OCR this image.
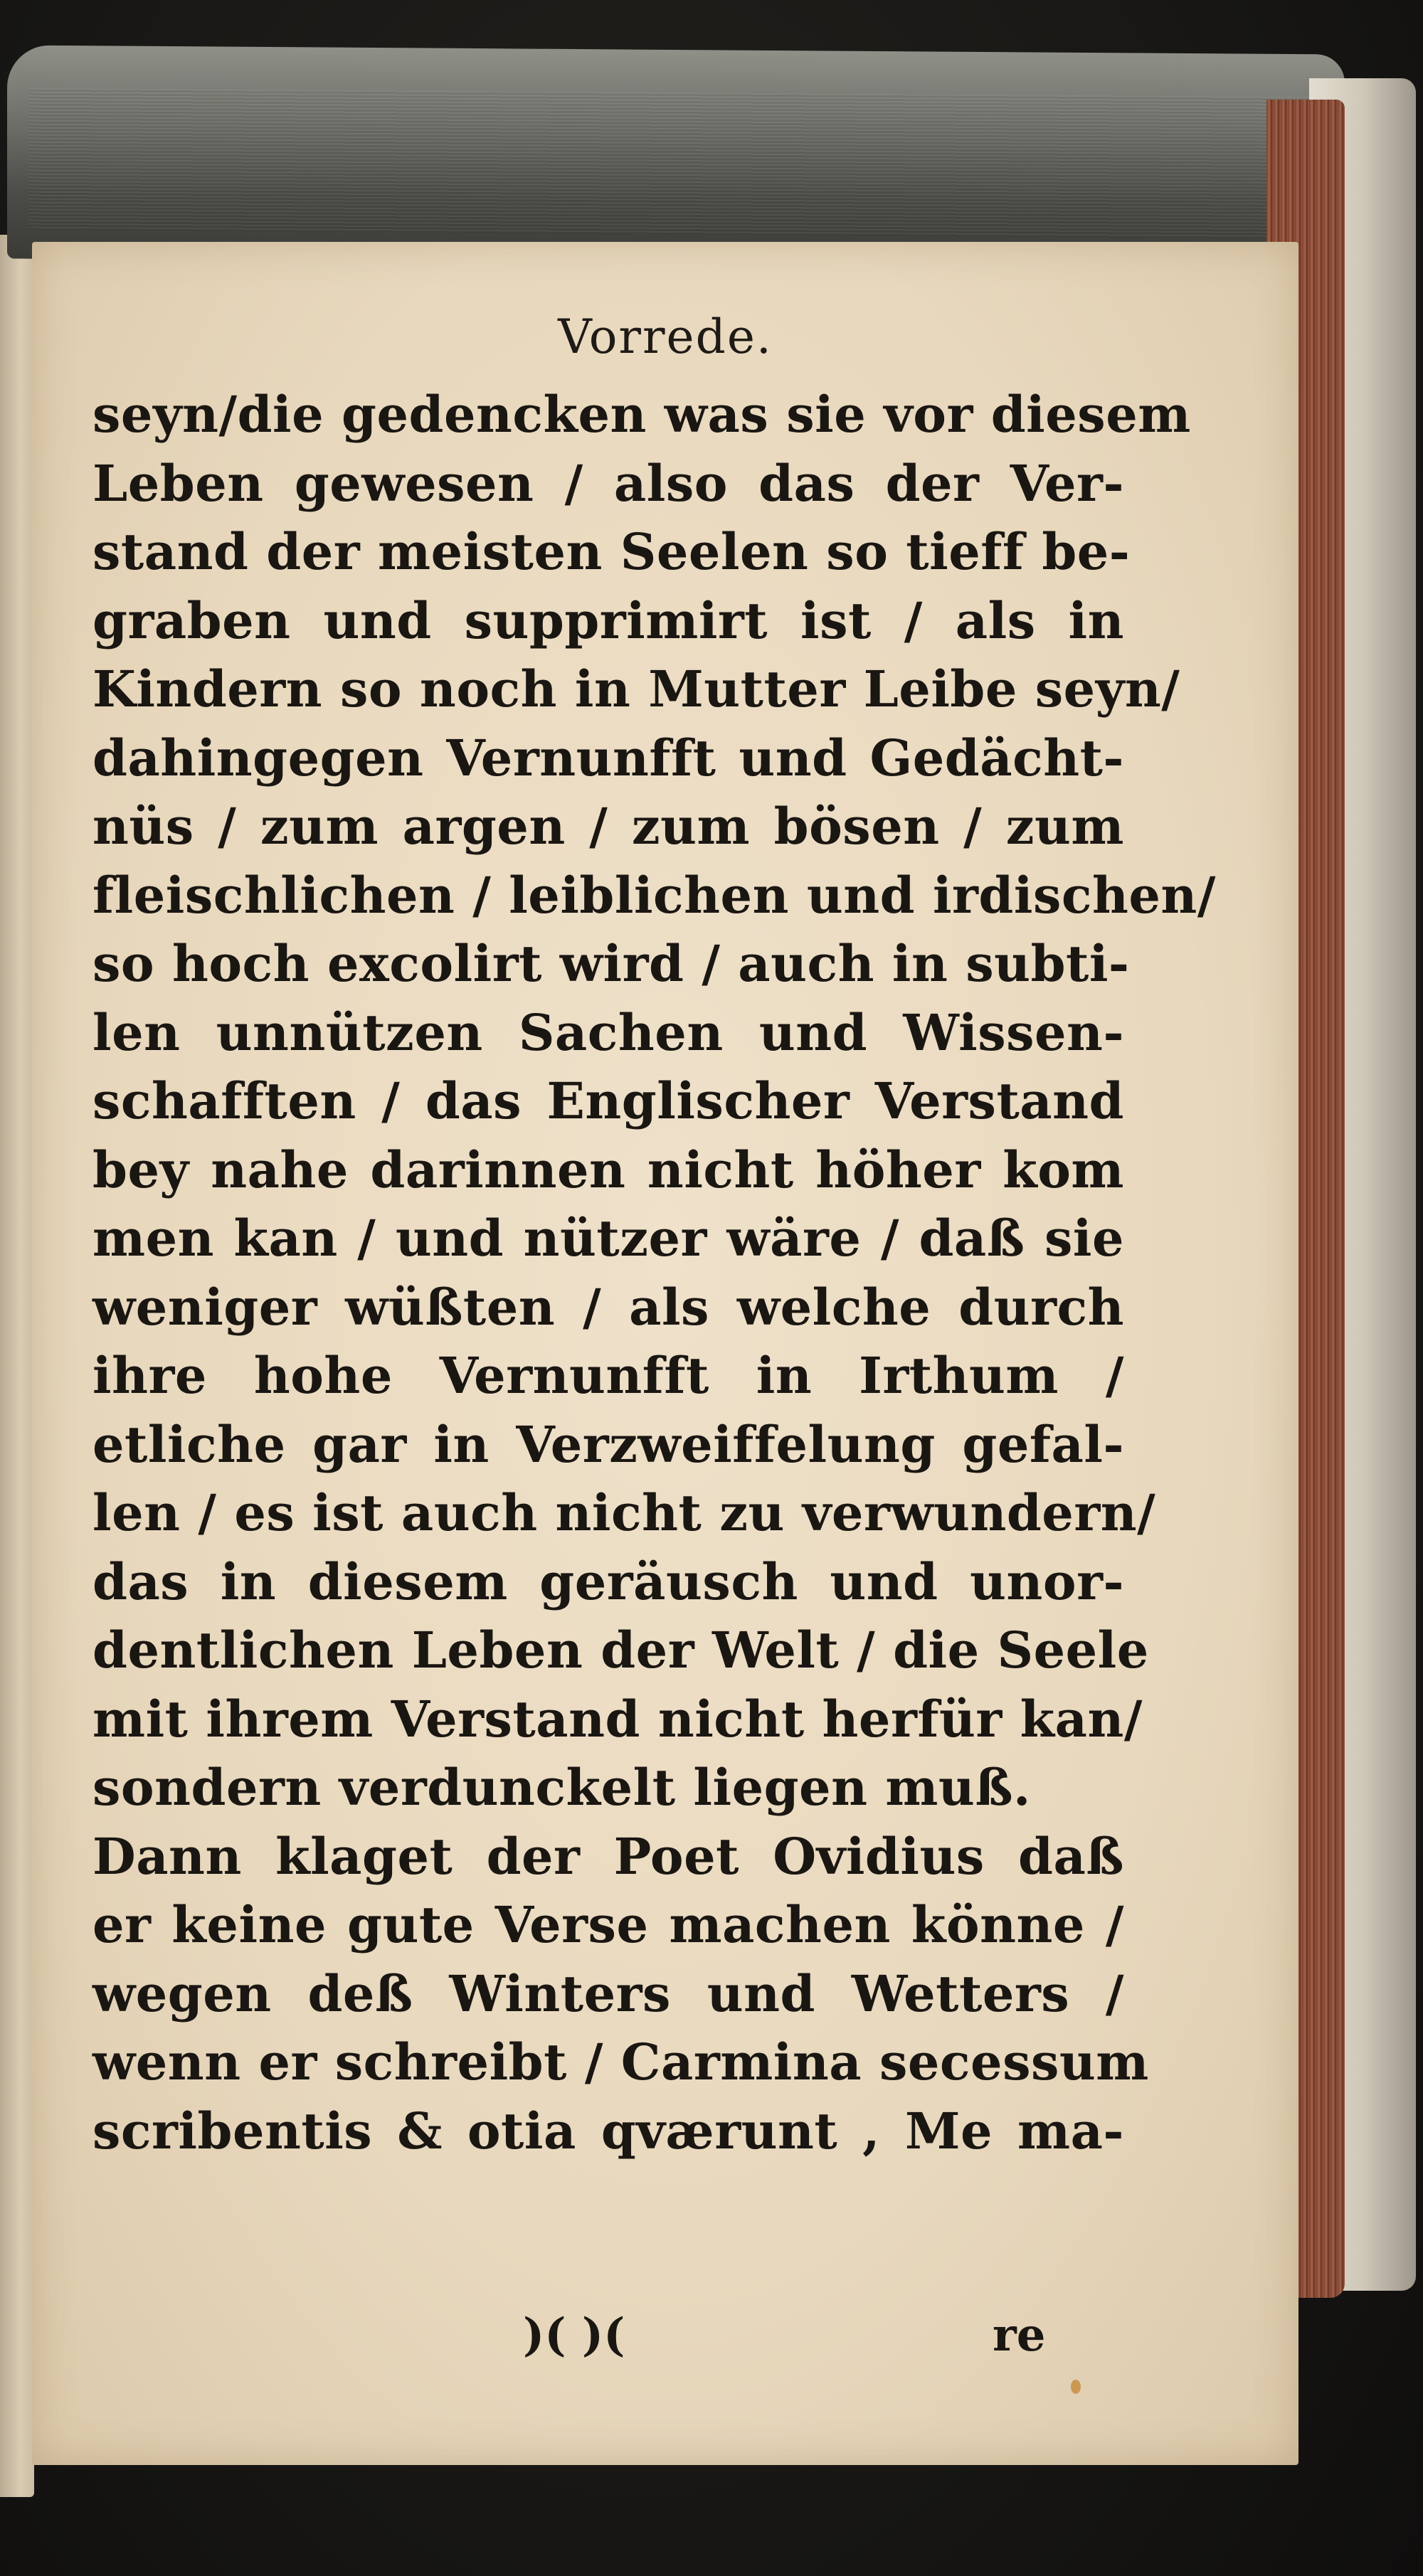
Vorrede.
seyn/die gedencken was sie vor diesem
Leben gewesen / also das der Ver-
stand der meisten Seelen so tieff be-
graben und supprimirt ist / als in
Kindern so noch in Mutter Leibe seyn/
dahingegen Vernunfft und Gedächt-
nüs / zum argen / zum bösen / zum
fleischlichen / leiblichen und irdischen/
so hoch excolirt wird / auch in subti-
len unnützen Sachen und Wissen-
schafften / das Englischer Verstand
bey nahe darinnen nicht höher kom
men kan / und nützer wäre / daß sie
weniger wüßten / als welche durch
ihre hohe Vernunfft in Irthum /
etliche gar in Verzweiffelung gefal-
len / es ist auch nicht zu verwundern/
das in diesem geräusch und unor-
dentlichen Leben der Welt / die Seele
mit ihrem Verstand nicht herfür kan/
sondern verdunckelt liegen muß.
Dann klaget der Poet Ovidius daß
er keine gute Verse machen könne /
wegen deß Winters und Wetters /
wenn er schreibt / Carmina secessum
scribentis & otia qværunt , Me ma-
)( )(	re
